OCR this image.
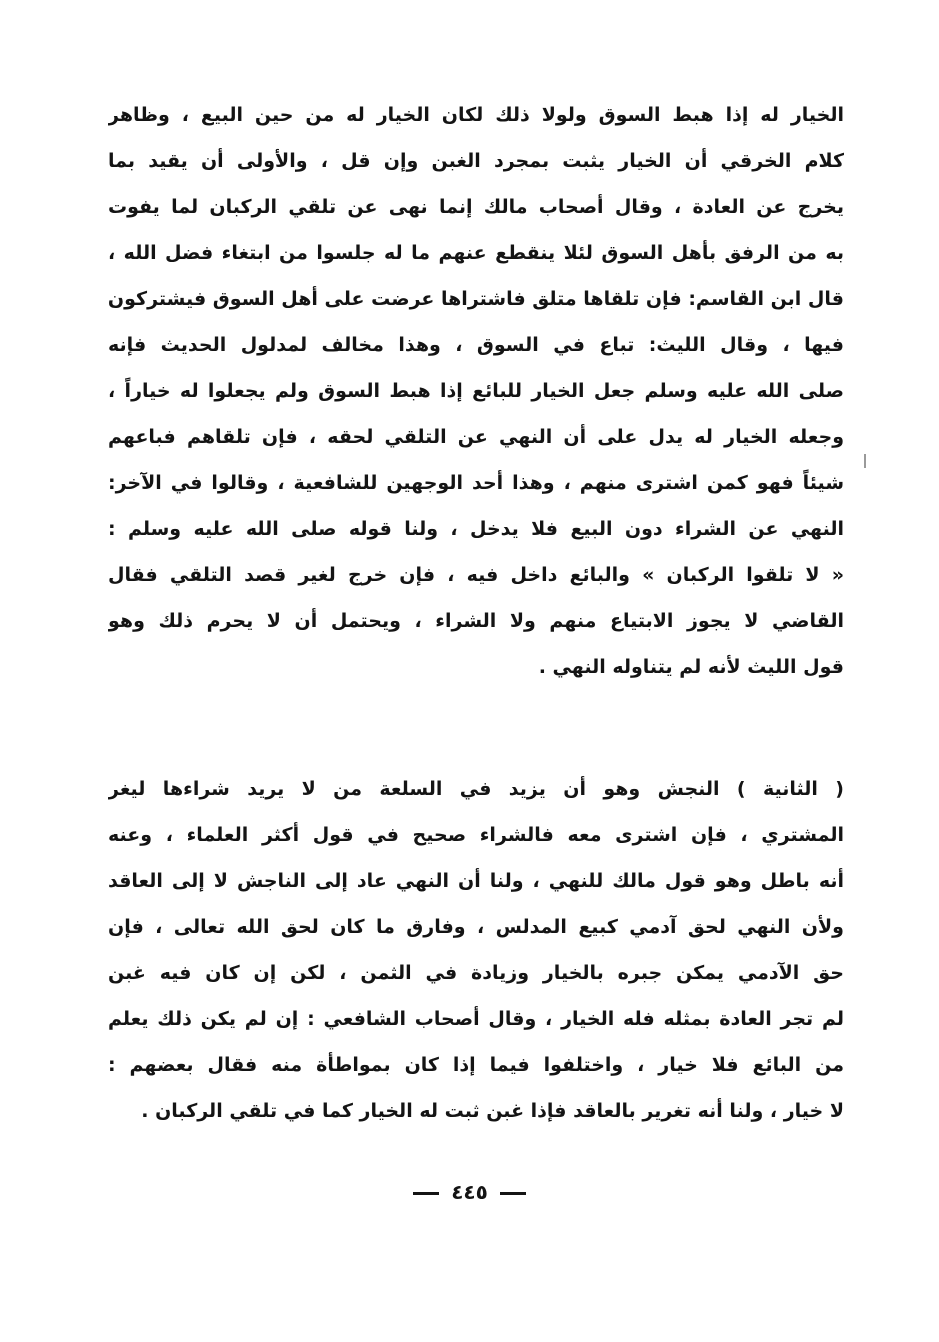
الخيار له إذا هبط السوق ولولا ذلك لكان الخيار له من حين البيع ، وظاهر
كلام الخرقي أن الخيار يثبت بمجرد الغبن وإن قل ، والأولى أن يقيد بما
يخرج عن العادة ، وقال أصحاب مالك إنما نهى عن تلقي الركبان لما يفوت
به من الرفق بأهل السوق لئلا ينقطع عنهم ما له جلسوا من ابتغاء فضل الله ،
قال ابن القاسم: فإن تلقاها متلق فاشتراها عرضت على أهل السوق فيشتركون
فيها ، وقال الليث: تباع في السوق ، وهذا مخالف لمدلول الحديث فإنه
صلى الله عليه وسلم جعل الخيار للبائع إذا هبط السوق ولم يجعلوا له خياراً ،
وجعله الخيار له يدل على أن النهي عن التلقي لحقه ، فإن تلقاهم فباعهم
شيئاً فهو كمن اشترى منهم ، وهذا أحد الوجهين للشافعية ، وقالوا في الآخر:
النهي عن الشراء دون البيع فلا يدخل ، ولنا قوله صلى الله عليه وسلم :
« لا تلقوا الركبان » والبائع داخل فيه ، فإن خرج لغير قصد التلقي فقال
القاضي لا يجوز الابتياع منهم ولا الشراء ، ويحتمل أن لا يحرم ذلك وهو
قول الليث لأنه لم يتناوله النهي .
( الثانية ) النجش وهو أن يزيد في السلعة من لا يريد شراءها ليغر
المشتري ، فإن اشترى معه فالشراء صحيح في قول أكثر العلماء ، وعنه
أنه باطل وهو قول مالك للنهي ، ولنا أن النهي عاد إلى الناجش لا إلى العاقد
ولأن النهي لحق آدمي كبيع المدلس ، وفارق ما كان لحق الله تعالى ، فإن
حق الآدمي يمكن جبره بالخيار وزيادة في الثمن ، لكن إن كان فيه غبن
لم تجر العادة بمثله فله الخيار ، وقال أصحاب الشافعي : إن لم يكن ذلك يعلم
من البائع فلا خيار ، واختلفوا فيما إذا كان بمواطأة منه فقال بعضهم :
لا خيار ، ولنا أنه تغرير بالعاقد فإذا غبن ثبت له الخيار كما في تلقي الركبان .
٤٤٥
